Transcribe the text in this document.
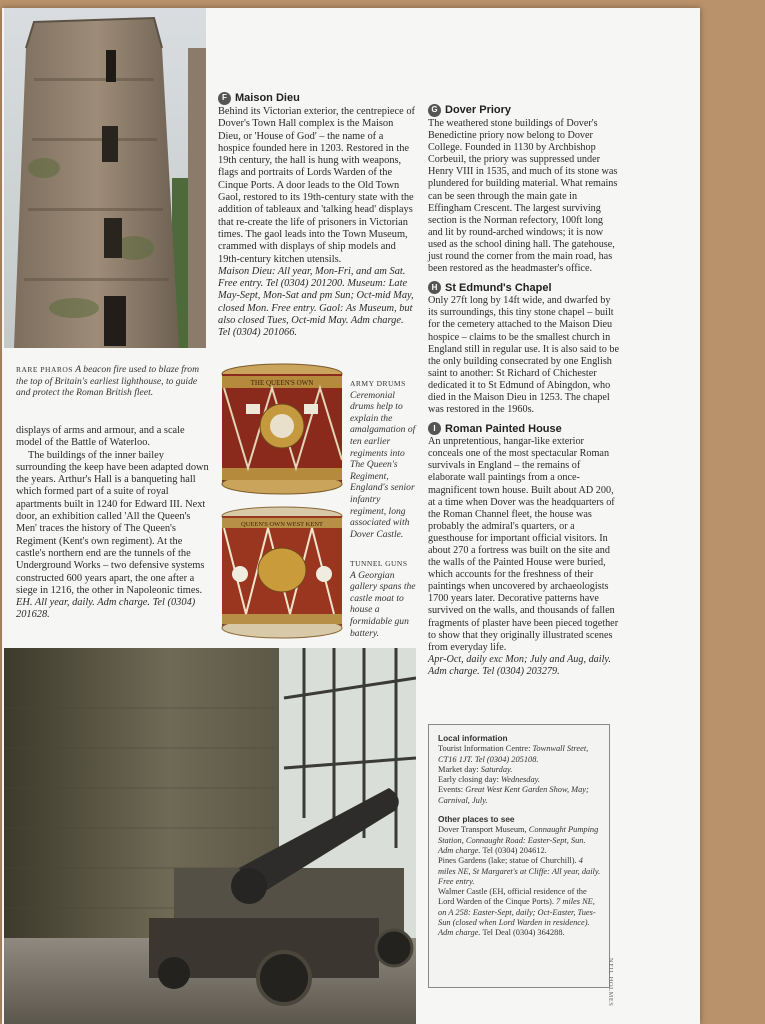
F Maison Dieu

Behind its Victorian exterior, the centrepiece of Dover's Town Hall complex is the Maison Dieu, or 'House of God' – the name of a hospice founded here in 1203. Restored in the 19th century, the hall is hung with weapons, flags and portraits of Lords Warden of the Cinque Ports. A door leads to the Old Town Gaol, restored to its 19th-century state with the addition of tableaux and 'talking head' displays that re-create the life of prisoners in Victorian times. The gaol leads into the Town Museum, crammed with displays of ship models and 19th-century kitchen utensils.

Maison Dieu: All year, Mon-Fri, and am Sat. Free entry. Tel (0304) 201200. Museum: Late May-Sept, Mon-Sat and pm Sun; Oct-mid May, closed Mon. Free entry. Gaol: As Museum, but also closed Tues, Oct-mid May. Adm charge. Tel (0304) 201066.

RARE PHAROS A beacon fire used to blaze from the top of Britain's earliest lighthouse, to guide and protect the Roman British fleet.

displays of arms and armour, and a scale model of the Battle of Waterloo.

The buildings of the inner bailey surrounding the keep have been adapted down the years. Arthur's Hall is a banqueting hall which formed part of a suite of royal apartments built in 1240 for Edward III. Next door, an exhibition called 'All the Queen's Men' traces the history of The Queen's Regiment (Kent's own regiment). At the castle's northern end are the tunnels of the Underground Works – two defensive systems constructed 600 years apart, the one after a siege in 1216, the other in Napoleonic times.

EH. All year, daily. Adm charge. Tel (0304) 201628.

THE QUEEN'S OWN
QUEEN'S OWN WEST KENT
ARMY DRUMS
Ceremonial drums help to explain the amalgamation of ten earlier regiments into The Queen's Regiment, England's senior infantry regiment, long associated with Dover Castle.
TUNNEL GUNS
A Georgian gallery spans the castle moat to house a formidable gun battery.
G Dover Priory

The weathered stone buildings of Dover's Benedictine priory now belong to Dover College. Founded in 1130 by Archbishop Corbeuil, the priory was suppressed under Henry VIII in 1535, and much of its stone was plundered for building material. What remains can be seen through the main gate in Effingham Crescent. The largest surviving section is the Norman refectory, 100ft long and lit by round-arched windows; it is now used as the school dining hall. The gatehouse, just round the corner from the main road, has been restored as the headmaster's office.

H St Edmund's Chapel

Only 27ft long by 14ft wide, and dwarfed by its surroundings, this tiny stone chapel – built for the cemetery attached to the Maison Dieu hospice – claims to be the smallest church in England still in regular use. It is also said to be the only building consecrated by one English saint to another: St Richard of Chichester dedicated it to St Edmund of Abingdon, who died in the Maison Dieu in 1253. The chapel was restored in the 1960s.

I Roman Painted House

An unpretentious, hangar-like exterior conceals one of the most spectacular Roman survivals in England – the remains of elaborate wall paintings from a once-magnificent town house. Built about AD 200, at a time when Dover was the headquarters of the Roman Channel fleet, the house was probably the admiral's quarters, or a guesthouse for important official visitors. In about 270 a fortress was built on the site and the walls of the Painted House were buried, which accounts for the freshness of their paintings when uncovered by archaeologists 1700 years later. Decorative patterns have survived on the walls, and thousands of fallen fragments of plaster have been pieced together to show that they originally illustrated scenes from everyday life.

Apr-Oct, daily exc Mon; July and Aug, daily. Adm charge. Tel (0304) 203279.

Local information

Tourist Information Centre: Townwall Street, CT16 1JT. Tel (0304) 205108.

Market day: Saturday.

Early closing day: Wednesday.

Events: Great West Kent Garden Show, May; Carnival, July.

Other places to see

Dover Transport Museum, Connaught Pumping Station, Connaught Road: Easter-Sept, Sun. Adm charge. Tel (0304) 204612.

Pines Gardens (lake; statue of Churchill). 4 miles NE, St Margaret's at Cliffe: All year, daily. Free entry.

Walmer Castle (EH, official residence of the Lord Warden of the Cinque Ports). 7 miles NE, on A 258: Easter-Sept, daily; Oct-Easter, Tues-Sun (closed when Lord Warden in residence). Adm charge. Tel Deal (0304) 364288.

NEIL HOLMES
